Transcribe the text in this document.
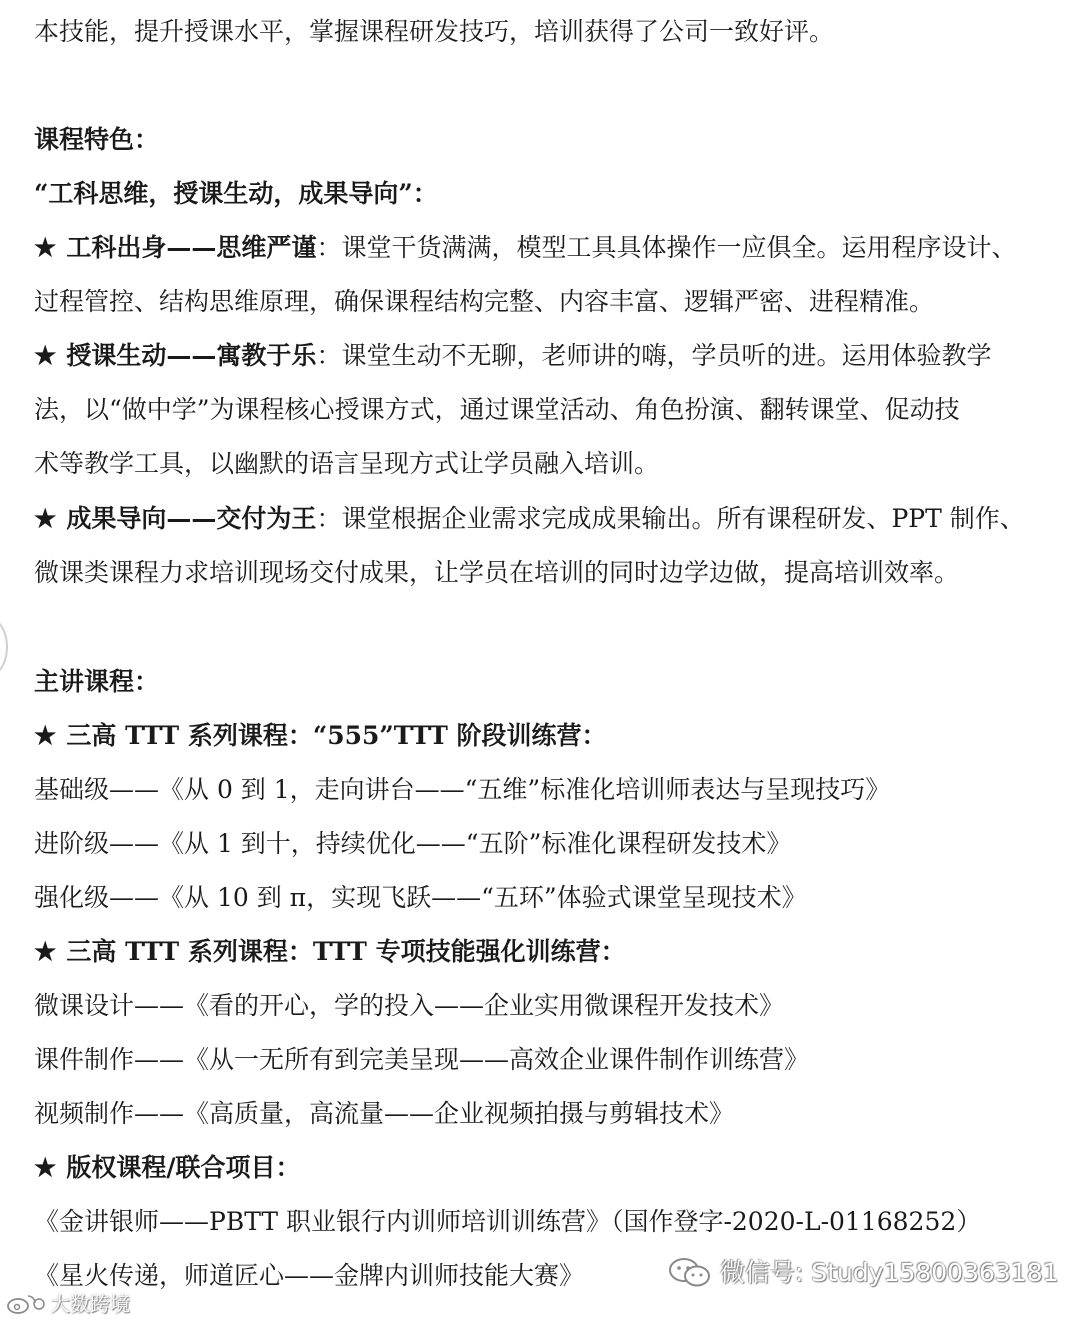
本技能，提升授课水平，掌握课程研发技巧，培训获得了公司一致好评。
课程特色：
“工科思维，授课生动，成果导向”：
★ 工科出身——思维严谨：课堂干货满满，模型工具具体操作一应俱全。运用程序设计、
过程管控、结构思维原理，确保课程结构完整、内容丰富、逻辑严密、进程精准。
★ 授课生动——寓教于乐：课堂生动不无聊，老师讲的嗨，学员听的进。运用体验教学
法，以“做中学”为课程核心授课方式，通过课堂活动、角色扮演、翻转课堂、促动技
术等教学工具，以幽默的语言呈现方式让学员融入培训。
★ 成果导向——交付为王：课堂根据企业需求完成成果输出。所有课程研发、PPT 制作、
微课类课程力求培训现场交付成果，让学员在培训的同时边学边做，提高培训效率。
主讲课程：
★ 三高 TTT 系列课程：“555”TTT 阶段训练营：
基础级——《从 0 到 1，走向讲台——“五维”标准化培训师表达与呈现技巧》
进阶级——《从 1 到十，持续优化——“五阶”标准化课程研发技术》
强化级——《从 10 到 π，实现飞跃——“五环”体验式课堂呈现技术》
★ 三高 TTT 系列课程：TTT 专项技能强化训练营：
微课设计——《看的开心，学的投入——企业实用微课程开发技术》
课件制作——《从一无所有到完美呈现——高效企业课件制作训练营》
视频制作——《高质量，高流量——企业视频拍摄与剪辑技术》
★ 版权课程/联合项目：
《金讲银师——PBTT 职业银行内训师培训训练营》（国作登字-2020-L-01168252）
《星火传递，师道匠心——金牌内训师技能大赛》	微信号: Study15800363181
大数跨境
